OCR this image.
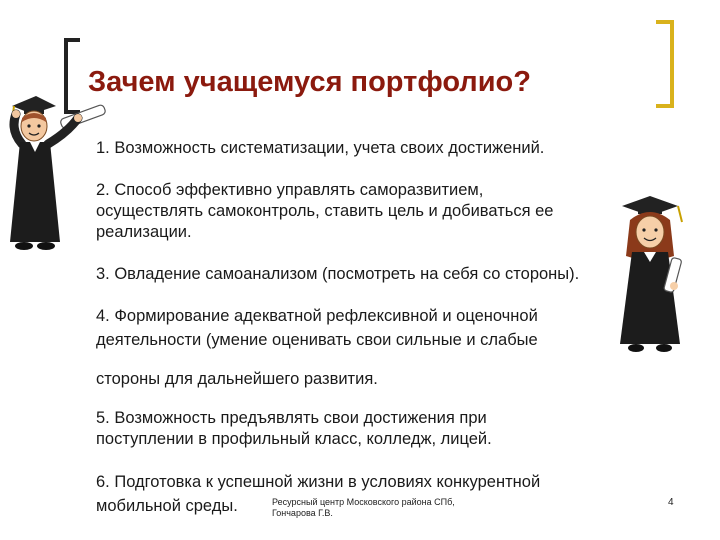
Зачем учащемуся портфолио?
1. Возможность систематизации, учета своих достижений.
2. Способ эффективно управлять саморазвитием,
осуществлять самоконтроль, ставить цель и добиваться ее
реализации.
3. Овладение самоанализом (посмотреть на себя со стороны).
4. Формирование адекватной рефлексивной и оценочной
деятельности (умение оценивать свои сильные и слабые
стороны для дальнейшего развития.
5. Возможность предъявлять свои достижения при
поступлении в профильный класс, колледж, лицей.
6. Подготовка к успешной жизни в условиях конкурентной
мобильной среды.	Ресурсный центр Московского района СПб,
Гончарова Г.В.
4
